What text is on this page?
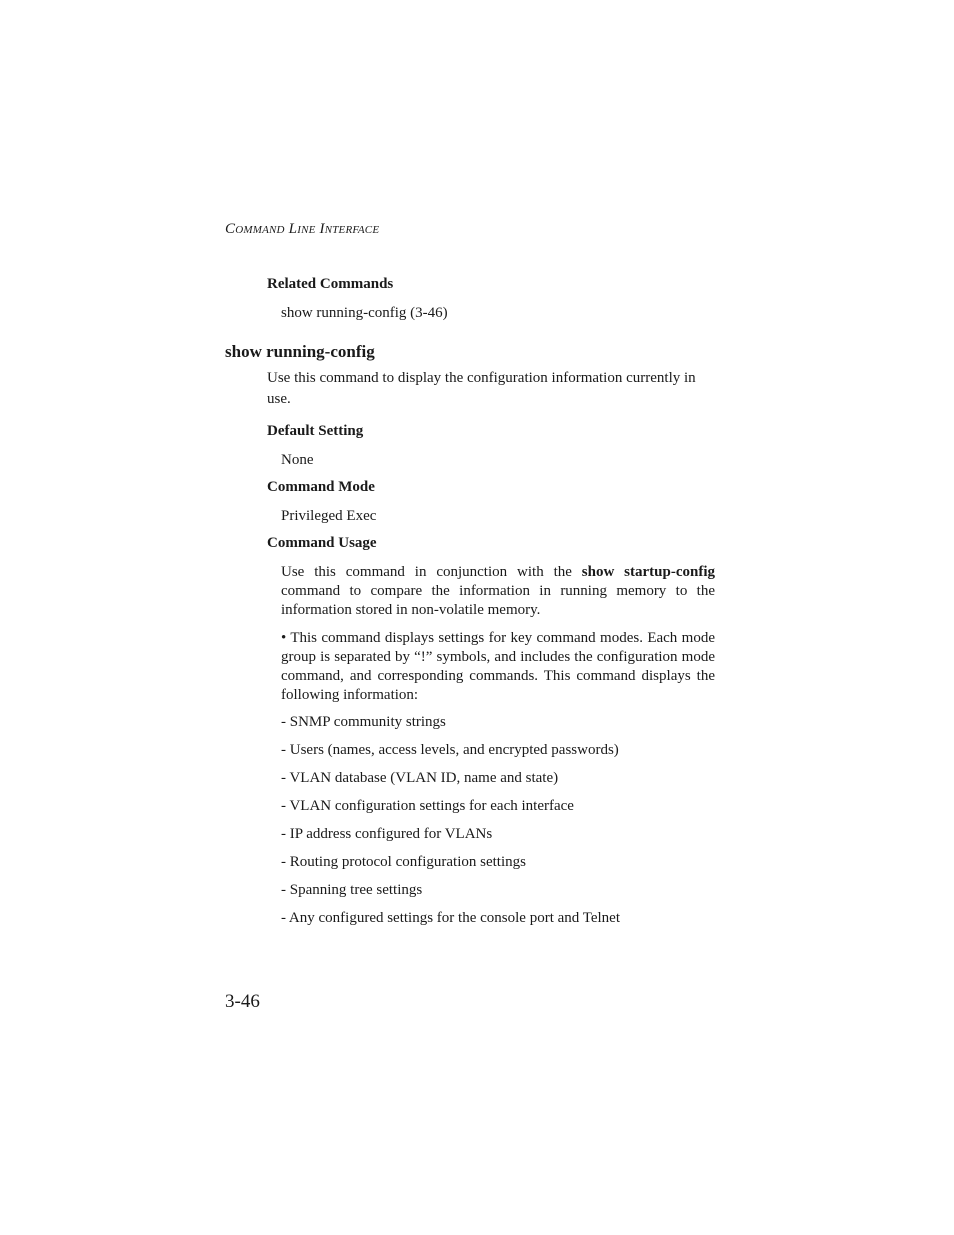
COMMAND LINE INTERFACE
Related Commands
show running-config (3-46)
show running-config
Use this command to display the configuration information currently in use.
Default Setting
None
Command Mode
Privileged Exec
Command Usage
Use this command in conjunction with the show startup-config command to compare the information in running memory to the information stored in non-volatile memory.
• This command displays settings for key command modes. Each mode group is separated by “!” symbols, and includes the configuration mode command, and corresponding commands. This command displays the following information:
- SNMP community strings
- Users (names, access levels, and encrypted passwords)
- VLAN database (VLAN ID, name and state)
- VLAN configuration settings for each interface
- IP address configured for VLANs
- Routing protocol configuration settings
- Spanning tree settings
- Any configured settings for the console port and Telnet
3-46
